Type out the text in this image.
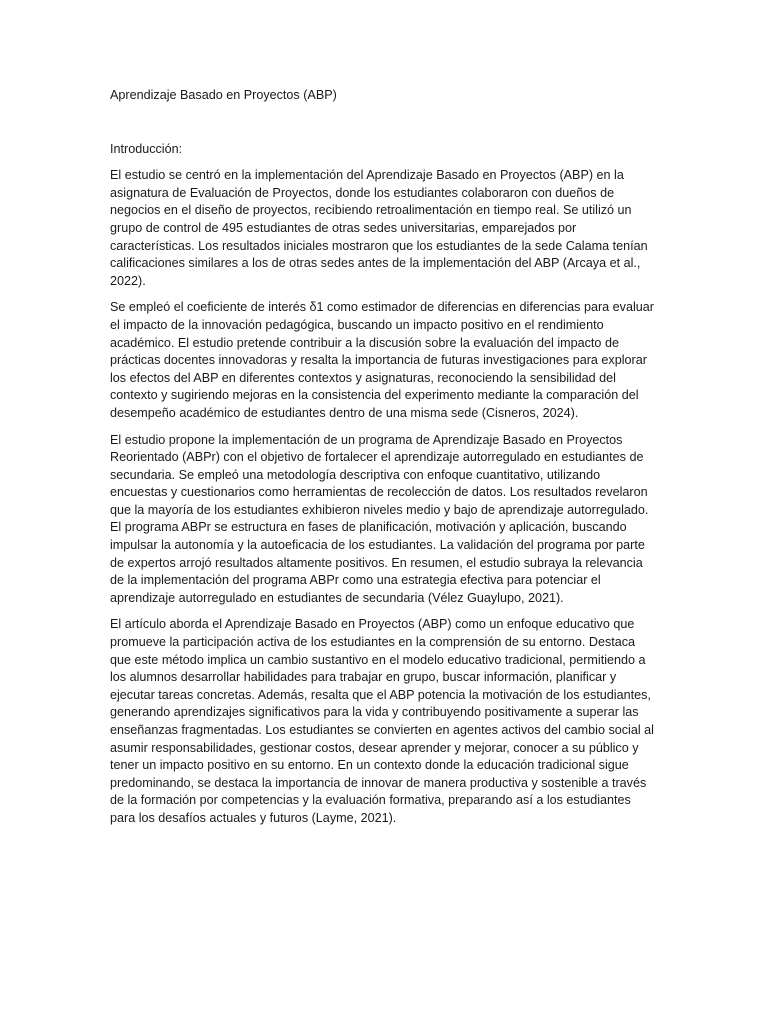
Aprendizaje Basado en Proyectos (ABP)
Introducción:

El estudio se centró en la implementación del Aprendizaje Basado en Proyectos (ABP) en la asignatura de Evaluación de Proyectos, donde los estudiantes colaboraron con dueños de negocios en el diseño de proyectos, recibiendo retroalimentación en tiempo real. Se utilizó un grupo de control de 495 estudiantes de otras sedes universitarias, emparejados por características. Los resultados iniciales mostraron que los estudiantes de la sede Calama tenían calificaciones similares a los de otras sedes antes de la implementación del ABP (Arcaya et al., 2022).

Se empleó el coeficiente de interés δ1 como estimador de diferencias en diferencias para evaluar el impacto de la innovación pedagógica, buscando un impacto positivo en el rendimiento académico. El estudio pretende contribuir a la discusión sobre la evaluación del impacto de prácticas docentes innovadoras y resalta la importancia de futuras investigaciones para explorar los efectos del ABP en diferentes contextos y asignaturas, reconociendo la sensibilidad del contexto y sugiriendo mejoras en la consistencia del experimento mediante la comparación del desempeño académico de estudiantes dentro de una misma sede (Cisneros, 2024).

El estudio propone la implementación de un programa de Aprendizaje Basado en Proyectos Reorientado (ABPr) con el objetivo de fortalecer el aprendizaje autorregulado en estudiantes de secundaria. Se empleó una metodología descriptiva con enfoque cuantitativo, utilizando encuestas y cuestionarios como herramientas de recolección de datos. Los resultados revelaron que la mayoría de los estudiantes exhibieron niveles medio y bajo de aprendizaje autorregulado. El programa ABPr se estructura en fases de planificación, motivación y aplicación, buscando impulsar la autonomía y la autoeficacia de los estudiantes. La validación del programa por parte de expertos arrojó resultados altamente positivos. En resumen, el estudio subraya la relevancia de la implementación del programa ABPr como una estrategia efectiva para potenciar el aprendizaje autorregulado en estudiantes de secundaria (Vélez Guaylupo, 2021).

El artículo aborda el Aprendizaje Basado en Proyectos (ABP) como un enfoque educativo que promueve la participación activa de los estudiantes en la comprensión de su entorno. Destaca que este método implica un cambio sustantivo en el modelo educativo tradicional, permitiendo a los alumnos desarrollar habilidades para trabajar en grupo, buscar información, planificar y ejecutar tareas concretas. Además, resalta que el ABP potencia la motivación de los estudiantes, generando aprendizajes significativos para la vida y contribuyendo positivamente a superar las enseñanzas fragmentadas. Los estudiantes se convierten en agentes activos del cambio social al asumir responsabilidades, gestionar costos, desear aprender y mejorar, conocer a su público y tener un impacto positivo en su entorno. En un contexto donde la educación tradicional sigue predominando, se destaca la importancia de innovar de manera productiva y sostenible a través de la formación por competencias y la evaluación formativa, preparando así a los estudiantes para los desafíos actuales y futuros (Layme, 2021).
